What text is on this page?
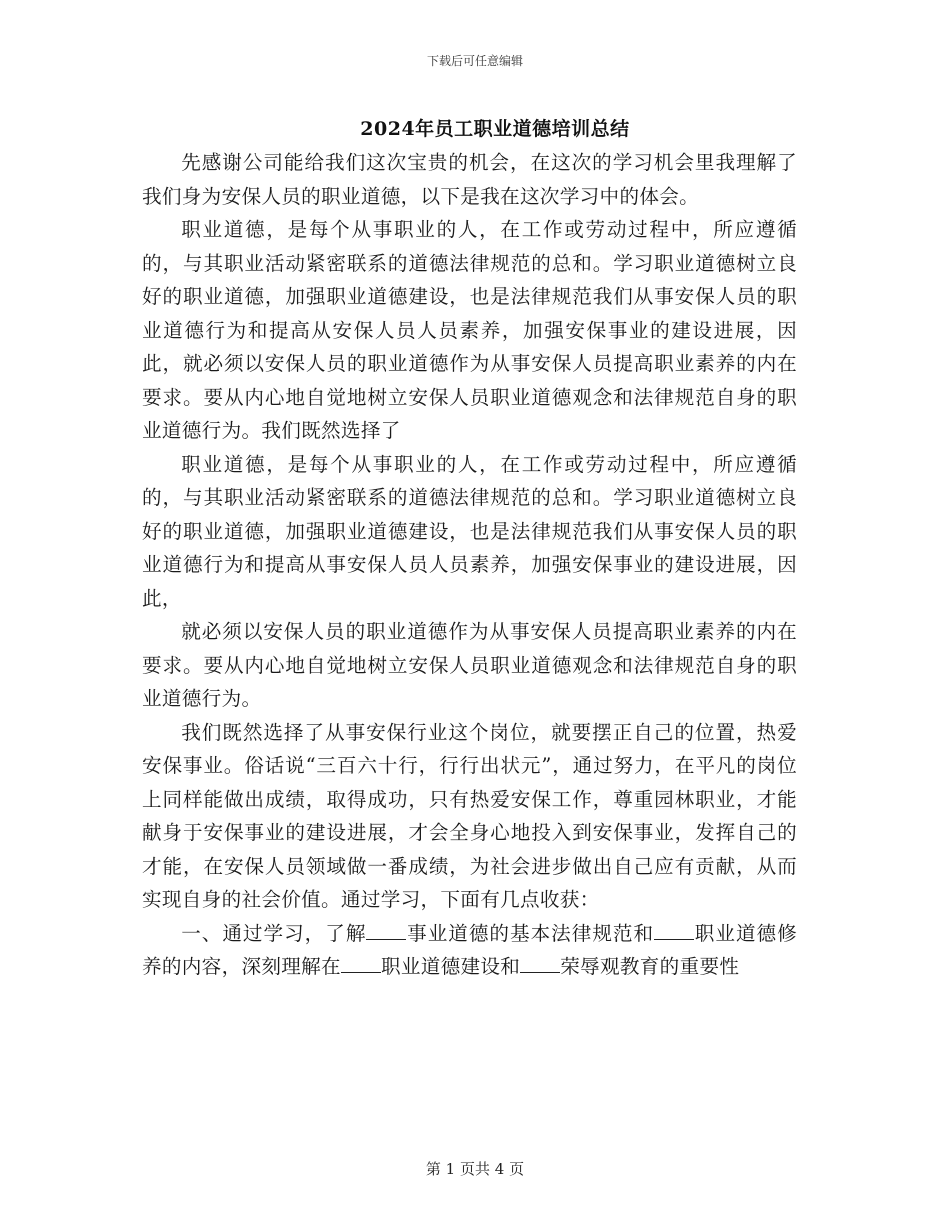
下载后可任意编辑
2024年员工职业道德培训总结

先感谢公司能给我们这次宝贵的机会，在这次的学习机会里我理解了我们身为安保人员的职业道德，以下是我在这次学习中的体会。

职业道德，是每个从事职业的人，在工作或劳动过程中，所应遵循的，与其职业活动紧密联系的道德法律规范的总和。学习职业道德树立良好的职业道德，加强职业道德建设，也是法律规范我们从事安保人员的职业道德行为和提高从安保人员人员素养，加强安保事业的建设进展，因此，就必须以安保人员的职业道德作为从事安保人员提高职业素养的内在要求。要从内心地自觉地树立安保人员职业道德观念和法律规范自身的职业道德行为。我们既然选择了

职业道德，是每个从事职业的人，在工作或劳动过程中，所应遵循的，与其职业活动紧密联系的道德法律规范的总和。学习职业道德树立良好的职业道德，加强职业道德建设，也是法律规范我们从事安保人员的职业道德行为和提高从事安保人员人员素养，加强安保事业的建设进展，因此，

就必须以安保人员的职业道德作为从事安保人员提高职业素养的内在要求。要从内心地自觉地树立安保人员职业道德观念和法律规范自身的职业道德行为。

我们既然选择了从事安保行业这个岗位，就要摆正自己的位置，热爱安保事业。俗话说“三百六十行，行行出状元”，通过努力，在平凡的岗位上同样能做出成绩，取得成功，只有热爱安保工作，尊重园林职业，才能献身于安保事业的建设进展，才会全身心地投入到安保事业，发挥自己的才能，在安保人员领域做一番成绩，为社会进步做出自己应有贡献，从而实现自身的社会价值。通过学习，下面有几点收获：

一、通过学习，了解 事业道德的基本法律规范和 职业道德修养的内容，深刻理解在 职业道德建设和 荣辱观教育的重要性

第 1 页共 4 页
